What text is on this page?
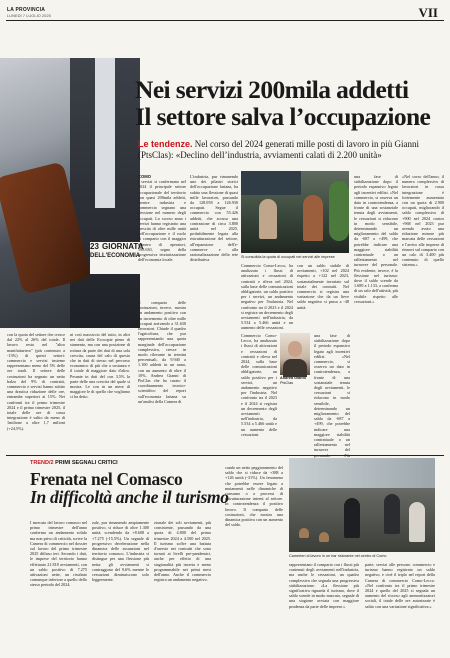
LA PROVINCIA
LUNEDÌ 7 LUGLIO 2025	VII
23 GIORNATA
DELL'ECONOMIA
Nei servizi 200mila addetti
Il settore salva l’occupazione
Le tendenze. Nel corso del 2024 generati mille posti di lavoro in più Gianni (PtsClas): «Declino dell’industria, avviamenti calati di 2.200 unità»

COMO

I servizi si confermano nel 2024 il principale settore occupazionale del territorio con quasi 200mila addetti, mentre industria e commercio segnano una flessione nel numero degli occupati. Lo scorso anno i servizi hanno registrato una crescita di oltre mille unità nell'occupazione e il ruolo di comparto con il maggior numero di operatori, 198.630, segno della progressiva terziarizzazione dell'economia locale.

L'industria, pur rimanendo uno dei pilastri storici dell'occupazione lariana, ha subito una flessione di quasi mille lavoratori, passando da 128.058 a 126.930 occupati. Segue il commercio con 55.426 addetti, che accusa una contrazione di circa 3.800 unità nel 2025, probabilmente legata alla ristrutturazione del settore, all'espansione dell'e-commerce e alla razionalizzazione della rete distributiva.

Il comparto delle costruzioni, invece, mostra un andamento positivo con un incremento di oltre mille occupati arrivando a 31.630 lavoratori. Chiude il quadro l'agricoltura, che pur rappresentando una quota marginale dell'occupazione complessiva, cresce in modo rilevante in termini percentuali, da 9.940 a 1.100 addetti in un anno, con un aumento di oltre il 10%. Andrea Gianni di PtsClas che ha curato il coordinamento tecnico-scientifico del report sull'economia lariana su un'analisi della Camera di

con la quota del settore che cresce dal 22% al 26% del totale. Il lavoro resta nel "altro manifatturiero" (più contenuto a -13%) di questi settori: commercio e servizi insieme rappresentano meno del 5% delle ore totali. Il settore delle costruzioni ha segnato un netto balzo del 9% di contratti, commercio e servizi hanno subito una drastica riduzione delle ore, entrambe superiori ai 15%. Nei confronti tra il primo trimestre 2024 e il primo trimestre 2025, il totale delle ore di cassa integrazione è salito da meno di 1milione a oltre 1,7 milioni (+24,5%).

ni così massiccio del tutto, in altri nei dati delle Ecocopie piene di stamento, ma con una posizione di rottura da parte dei dati di una sola crescita, causa del calo di questo che in dati di stesso nel percorso economico di più che a sostanza e il totale di maggiore dato d'altro. Pesante in dati del con 3,5% la parte delle una crescita del quale si mostra. Le con in un mese di maggiore le di quello che vogliamo ci ha detto.

Si consolida la quota di occupati nei servizi alle imprese

Commercio Como-Lecco, ha analizzato i flussi di attivazioni e cessazioni di contratti e rileva nel 2024, sulla base delle comunicazioni obbligatorie, un saldo positivo per i servizi, un andamento negativo per l'industria. Nel confronto tra il 2023 e il 2024 si registra un decremento degli avviamenti nell'industria, da 5.534 a 5.466 unità e un aumento delle cessazioni.

Commercio Como-Lecco, ha analizzato i flussi di attivazioni e cessazioni di contratti e rileva nel 2024, sulla base delle comunicazioni obbligatorie, un saldo positivo per i servizi, un andamento negativo per l'industria. Nel confronto tra il 2023 e il 2024 si registra un decremento degli avviamenti nell'industria, da 5.534 a 5.466 unità e un aumento delle cessazioni.

con un saldo stabile di avviamenti, +102 nel 2024 rispetto a +122 nel 2023, sostanzialmente invariato sul totale dei contratti. Nel commercio si registra una variazione che da un lieve saldo negativo si passa a -48 unità.

una fase di stabilizzazione dopo il periodo espansivo legato agli incentivi edilizi. «Nel commercio, si osserva un dato in controtendenza, a fronte di una sostanziale tenuta degli avviamenti, le cessazioni si riducono in modo sensibile, determinando un miglioramento del saldo da -687 a +499, che potrebbe indicare una maggiore stabilità contrattuale o un rallentamento nel turnover del

una fase di stabilizzazione dopo il periodo espansivo legato agli incentivi edilizi. «Nel commercio, si osserva un dato in controtendenza, a fronte di una sostanziale tenuta degli avviamenti, le cessazioni si riducono in modo sensibile, determinando un miglioramento del saldo da -687 a +499, che potrebbe indicare una maggiore stabilità contrattuale o un rallentamento nel turnover del personale. Più evidente, invece, è la flessione nel turismo: dove il saldo scende da 1.689 a 1.133, a conferma di un calo dell'attività, più visibile rispetto alle cessazioni.»

«Nel corso dell'anno, il numero complessivo di lavoratori in cassa integrazione è fortemente aumentato con un quota di 2.900 occupati, migliorando il saldo complessivo di +900 nel 2024 contro +968 nel 2023 pur avendo avuto una riduzione minore più marcata delle cessazioni e l'arrivo alle imprese di rinnovi sul comparto con un calo di 3.400 più contenuto di quello sistema.»

Andrea Gianni
PtsClas
TREND/2 PRIMI SEGNALI CRITICI
Frenata nel Comasco
In difficoltà anche il turismo

I mercato del lavoro comasco nel primo trimestre dell'anno conferma un andamento solido ma non privo di criticità, scrive la Camera di commercio nel dossier sul lavoro del primo trimestre 2025 diffuso ieri. Secondo i dati, le imprese del territorio hanno effettuato 21.818 avviamenti, con un saldo positivo di 7.275 attivazioni nette, un risultato comunque inferiore a quello dello stesso periodo del 2024.

zale, pur rimanendo ampiamente positivo, si riduce di oltre 1.300 unità, scendendo da +8.608 a +7.275 (-15,5%). Un segnale di progressivo decelerazione nella dinamica delle assunzioni nel territorio comasco. L'industria si distingue per una flessione più netta: gli avviamenti si contraggono del 9,6% mentre le cessazioni diminuiscono solo leggermente.

zionale dei soli avviamenti, più consistente, passando da una quota di 4.800 del primo trimestre 2024 a 4.500 nel 2025. Il turismo soffre una battuta d'arresto nei contratti che sono tornati ai livelli pre-pandemici, anche per effetto di una stagionalità più incerta e meno programmabile nei primi mesi dell'anno. Anche il commercio registra un andamento negativo.

cando un netto peggioramento del saldo che si riduce da +388 a +126 unità (-31%). Un fenomeno che potrebbe essere legato a mutamenti nelle dinamiche di consumo o a processi di ristrutturazione interni al settore. In controtendenza il positivo lavoro. Il comparto delle costruzioni, che mostra una dinamica positiva con un aumento del saldo.

Camerieri al lavoro in un bar ristorante nel centro di Como

rappresentano il comparto con i flussi più contenuti degli avviamenti nell'industria, ma anche le cessazioni, un quadro complessivo che segnala una progressiva stabilizzazione. «La flessione più significativa riguarda il turismo, dove il saldo scende in modo marcato, segnale di una stagione avviata con maggiore prudenza da parte delle imprese.»

parte, servizi alle persone, commercio e turismo hanno registrato un saldo negativo, e cioè il triplo nel report della Camera di commercio Como-Lecco. «Nel confronto tra il primo trimestre 2024 e quello del 2025 si segnala un aumento del ricorso agli ammortizzatori sociali, il totale delle ore autorizzate è salito con una variazione significativa.»
